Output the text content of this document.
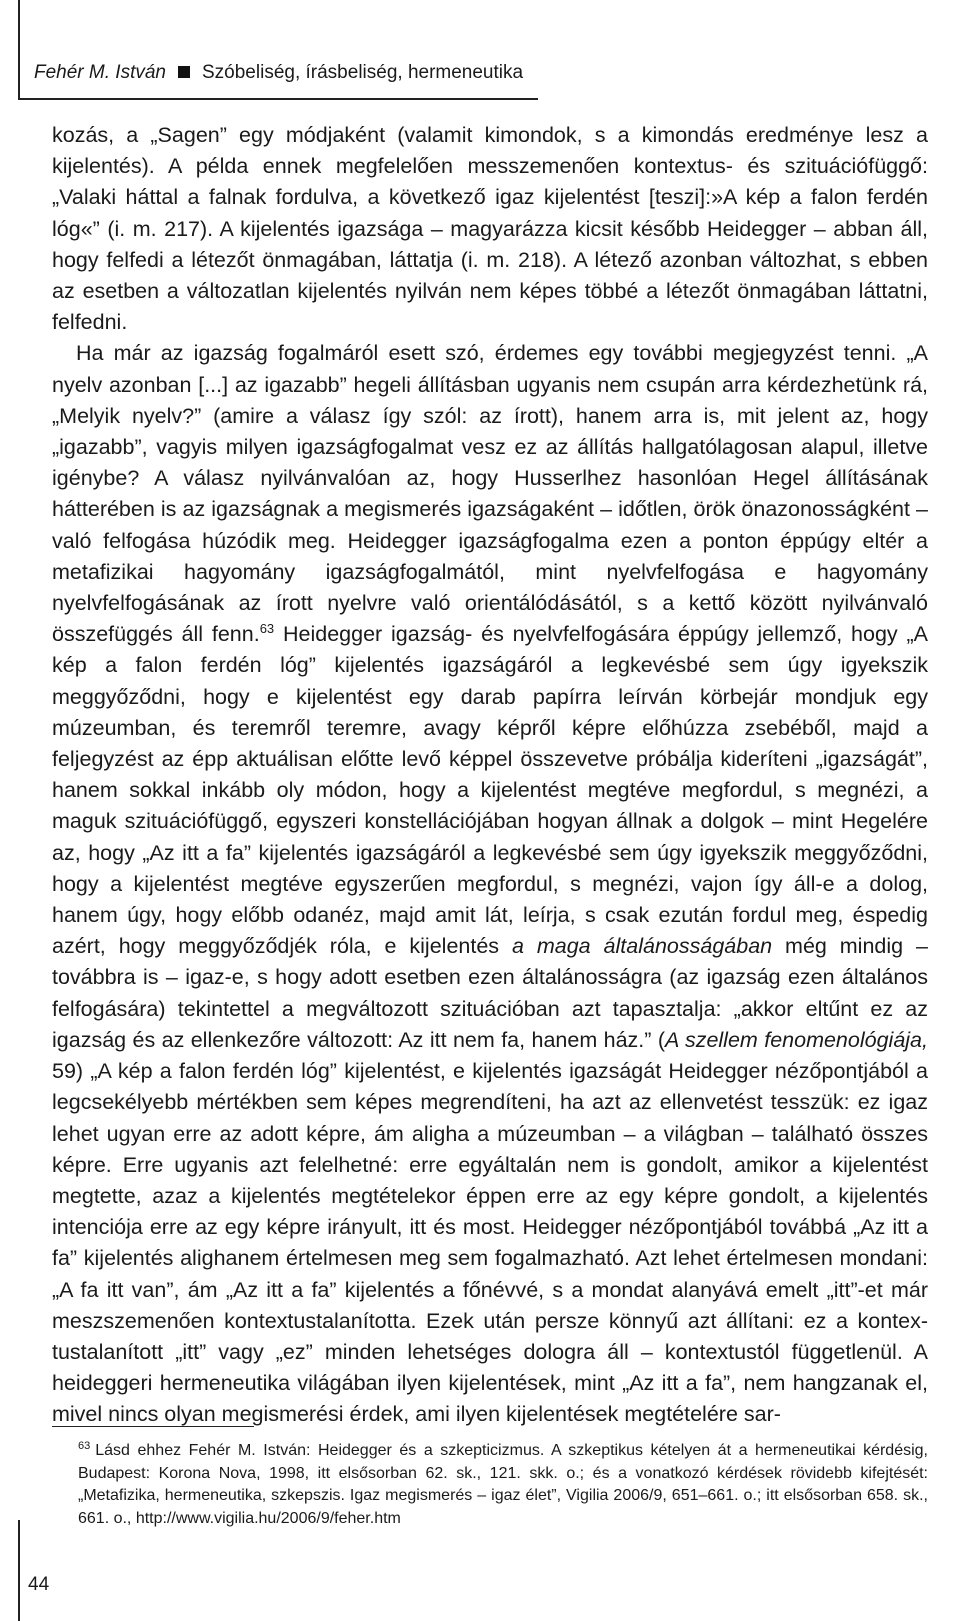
Fehér M. István Szóbeliség, írásbeliség, hermeneutika

kozás, a „Sagen” egy módjaként (valamit kimondok, s a kimondás eredménye lesz a kijelentés). A példa ennek megfelelően messzemenően kontextus- és szituációfüggő: „Valaki háttal a falnak fordulva, a következő igaz kijelentést [teszi]:»A kép a falon ferdén lóg«” (i. m. 217). A kijelentés igazsága – magyarázza kicsit később Heidegger – abban áll, hogy felfedi a létezőt önmagában, láttatja (i. m. 218). A létező azonban változhat, s ebben az esetben a változatlan kijelentés nyilván nem képes többé a létezőt önmagában láttatni, felfedni.

Ha már az igazság fogalmáról esett szó, érdemes egy további megjegyzést tenni. „A nyelv azonban [...] az igazabb” hegeli állításban ugyanis nem csupán arra kérdezhetünk rá, „Melyik nyelv?” (amire a válasz így szól: az írott), hanem arra is, mit jelent az, hogy „igazabb”, vagyis milyen igazságfogalmat vesz ez az állítás hallgatólagosan alapul, illetve igénybe? A válasz nyilvánvalóan az, hogy Husserlhez hasonlóan Hegel állításának hátterében is az igazságnak a megismerés igazságaként – időtlen, örök önazonosságként – való felfogása húzódik meg. Heidegger igazságfogalma ezen a ponton éppúgy eltér a metafizikai hagyomány igazságfogalmától, mint nyelvfelfogása e hagyomány nyelvfelfogásának az írott nyelvre való orientálódásától, s a kettő között nyilvánvaló összefüggés áll fenn.$^{63}$ Heidegger igazság- és nyelvfelfogására éppúgy jellemző, hogy „A kép a falon ferdén lóg” kijelentés igazságáról a legkevésbé sem úgy igyekszik meggyőződni, hogy e kijelentést egy darab papírra leírván körbejár mondjuk egy múzeumban, és teremről teremre, avagy képről képre előhúzza zsebéből, majd a feljegyzést az épp aktuálisan előtte levő képpel összevetve próbálja kideríteni „igazságát”, hanem sokkal inkább oly módon, hogy a kijelentést megtéve megfordul, s megnézi, a maguk szituációfüggő, egyszeri konstellációjában hogyan állnak a dolgok – mint Hegelére az, hogy „Az itt a fa” kijelentés igazságáról a legkevésbé sem úgy igyekszik meggyőződni, hogy a kijelentést megtéve egyszerűen megfordul, s megnézi, vajon így áll-e a dolog, hanem úgy, hogy előbb odanéz, majd amit lát, leírja, s csak ezután fordul meg, éspedig azért, hogy meggyőződjék róla, e kijelentés a maga általánosságában még mindig – továbbra is – igaz-e, s hogy adott esetben ezen általánosságra (az igazság ezen általános felfogására) tekintettel a megváltozott szituációban azt tapasztalja: „akkor eltűnt ez az igazság és az ellenkezőre változott: Az itt nem fa, hanem ház.” (A szellem fenomenológiája, 59) „A kép a falon ferdén lóg” kijelentést, e kijelentés igazságát Heidegger nézőpontjából a legcsekélyebb mértékben sem képes megrendíteni, ha azt az ellenvetést tesszük: ez igaz lehet ugyan erre az adott képre, ám aligha a múzeumban – a világban – található összes képre. Erre ugyanis azt felelhetné: erre egyáltalán nem is gondolt, amikor a kijelentést megtette, azaz a kijelentés megtételekor éppen erre az egy képre gondolt, a kijelentés intenciója erre az egy képre irányult, itt és most. Heidegger nézőpontjából továbbá „Az itt a fa” kijelentés alighanem értelmesen meg sem fogalmazható. Azt lehet értelmesen mondani: „A fa itt van”, ám „Az itt a fa” kijelentés a főnévvé, s a mondat alanyává emelt „itt”-et már meszszemenően kontextustalanította. Ezek után persze könnyű azt állítani: ez a kontextustalanított „itt” vagy „ez” minden lehetséges dologra áll – kontextustól függetlenül. A heideggeri hermeneutika világában ilyen kijelentések, mint „Az itt a fa”, nem hangzanak el, mivel nincs olyan megismerési érdek, ami ilyen kijelentések megtételére sar-

$^{63}$ Lásd ehhez Fehér M. István: Heidegger és a szkepticizmus. A szkeptikus kételyen át a hermeneutikai kérdésig, Budapest: Korona Nova, 1998, itt elsősorban 62. sk., 121. skk. o.; és a vonatkozó kérdések rövidebb kifejtését: „Metafizika, hermeneutika, szkepszis. Igaz megismerés – igaz élet”, Vigilia 2006/9, 651–661. o.; itt elsősorban 658. sk., 661. o., http://www.vigilia.hu/2006/9/feher.htm
44
